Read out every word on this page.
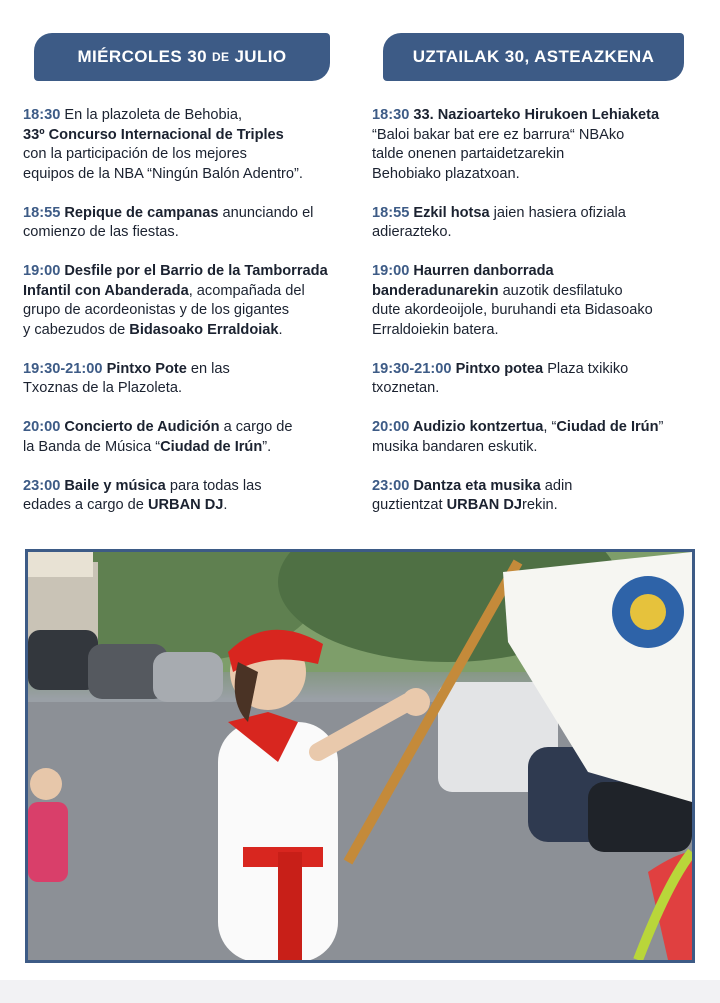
MIÉRCOLES 30 DE JULIO	UZTAILAK 30, ASTEAZKENA
18:30 En la plazoleta de Behobia,
33º Concurso Internacional de Triples
con la participación de los mejores
equipos de la NBA “Ningún Balón Adentro”.
18:55 Repique de campanas anunciando el
comienzo de las fiestas.
19:00 Desfile por el Barrio de la Tamborrada
Infantil con Abanderada, acompañada del
grupo de acordeonistas y de los gigantes
y cabezudos de Bidasoako Erraldoiak.
19:30-21:00 Pintxo Pote en las
Txoznas de la Plazoleta.
20:00 Concierto de Audición a cargo de
la Banda de Música “Ciudad de Irún”.
23:00 Baile y música para todas las
edades a cargo de URBAN DJ.
18:30 33. Nazioarteko Hirukoen Lehiaketa
“Baloi bakar bat ere ez barrura“ NBAko
talde onenen partaidetzarekin
Behobiako plazatxoan.
18:55 Ezkil hotsa jaien hasiera ofiziala
adierazteko.
19:00 Haurren danborrada
banderadunarekin auzotik desfilatuko
dute akordeoijole, buruhandi eta Bidasoako
Erraldoiekin batera.
19:30-21:00 Pintxo potea Plaza txikiko
txoznetan.
20:00 Audizio kontzertua, “Ciudad de Irún”
musika bandaren eskutik.
23:00 Dantza eta musika adin
guztientzat URBAN DJrekin.
